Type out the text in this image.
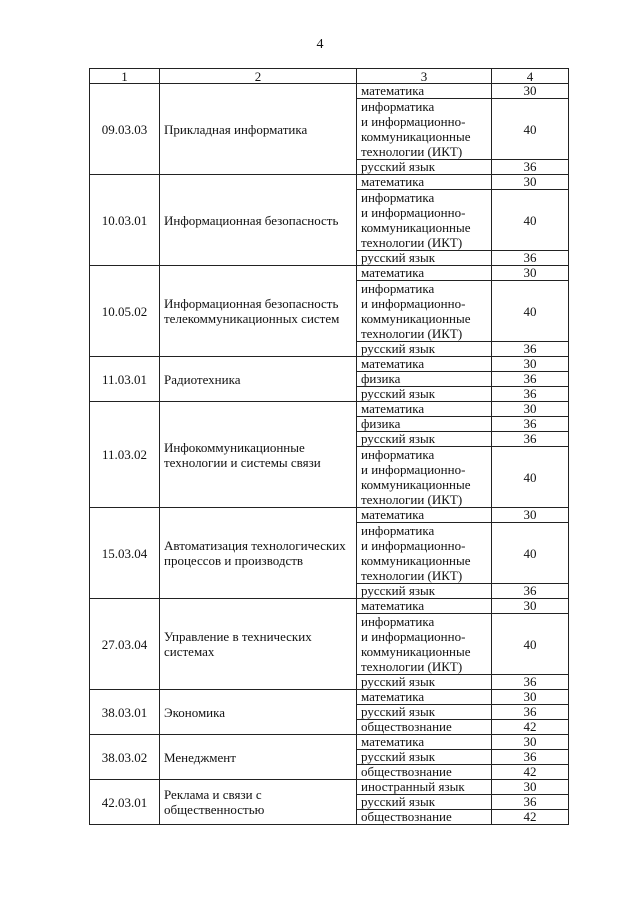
4
1	2	3	4
09.03.03	Прикладная информатика	математика	30

		информатика
и информационно-
коммуникационные
технологии (ИКТ)	40

		русский язык	36
10.03.01	Информационная безопасность	математика	30

		информатика
и информационно-
коммуникационные
технологии (ИКТ)	40

		русский язык	36
10.05.02	Информационная безопасность телекоммуникационных систем	математика	30

		информатика
и информационно-
коммуникационные
технологии (ИКТ)	40

		русский язык	36
11.03.01	Радиотехника	математика	30

		физика	36

		русский язык	36
11.03.02	Инфокоммуникационные технологии и системы связи	математика	30

		физика	36

		русский язык	36

		информатика
и информационно-
коммуникационные
технологии (ИКТ)	40
15.03.04	Автоматизация технологических процессов и производств	математика	30

		информатика
и информационно-
коммуникационные
технологии (ИКТ)	40

		русский язык	36
27.03.04	Управление в технических системах	математика	30

		информатика
и информационно-
коммуникационные
технологии (ИКТ)	40

		русский язык	36
38.03.01	Экономика	математика	30

		русский язык	36

		обществознание	42
38.03.02	Менеджмент	математика	30

		русский язык	36

		обществознание	42
42.03.01	Реклама и связи с общественностью	иностранный язык	30

		русский язык	36

		обществознание	42
